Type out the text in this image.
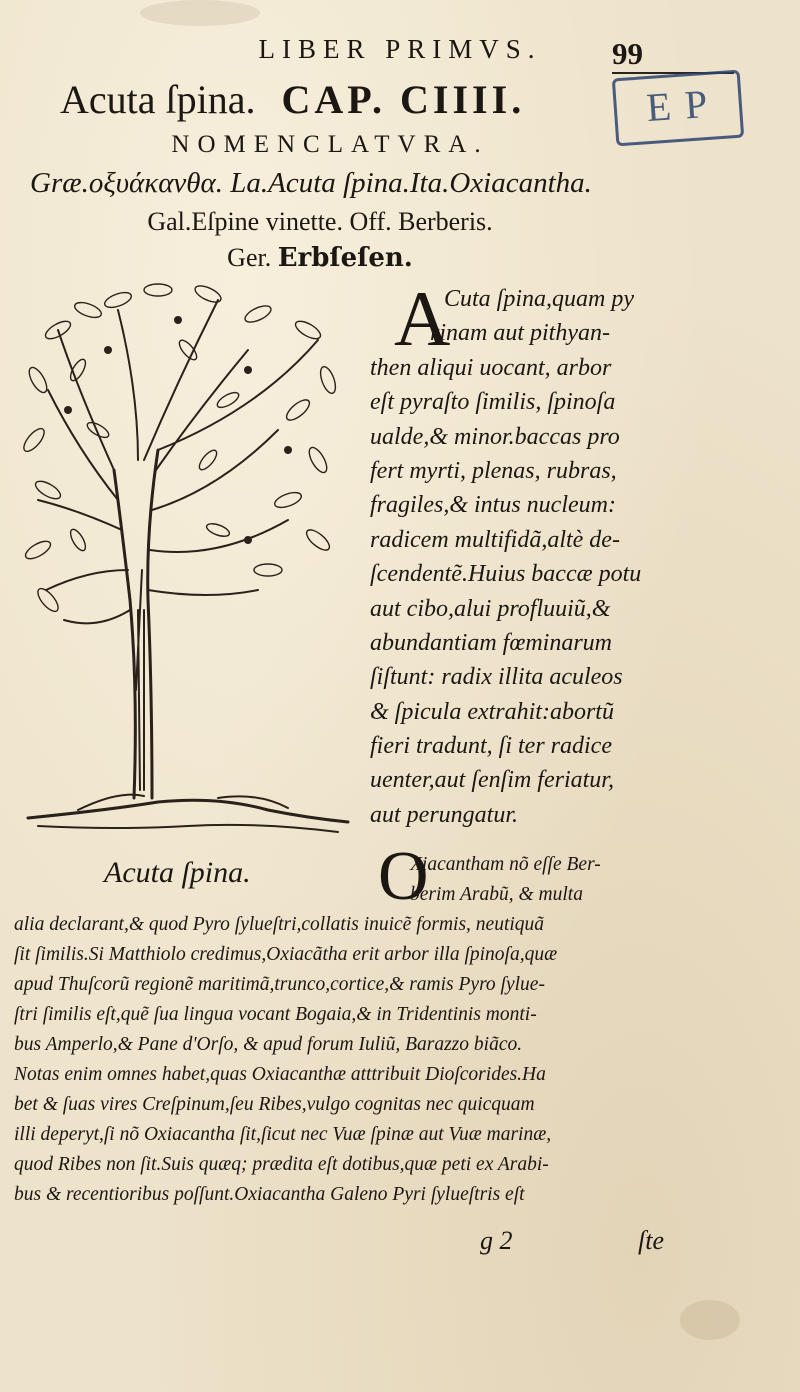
LIBER PRIMVS.	99
E P
Acuta ſpina. CAP. CIIII.
NOMENCLATVRA.
Græ.οξυάκανθα. La.Acuta ſpina.Ita.Oxiacantha.
Gal.Eſpine vinette. Off. Berberis.
Ger. Erbſeſen.
Acuta ſpina.
A
Cuta ſpina,quam py
rinam aut pithyan-
then aliqui uocant, arbor
eſt pyraſto ſimilis, ſpinoſa
ualde,& minor.baccas pro
fert myrti, plenas, rubras,
fragiles,& intus nucleum:
radicem multifidã,altè de-
ſcendentẽ.Huius baccæ potu
aut cibo,alui profluuiũ,&
abundantiam fœminarum
ſiſtunt: radix illita aculeos
& ſpicula extrahit:abortũ
fieri tradunt, ſi ter radice
uenter,aut ſenſim feriatur,
aut perungatur.
O
Xiacantham nõ eſſe Ber-
berim Arabũ, & multa
alia declarant,& quod Pyro ſylueſtri,collatis inuicẽ formis, neutiquã
ſit ſimilis.Si Matthiolo credimus,Oxiacãtha erit arbor illa ſpinoſa,quæ
apud Thuſcorũ regionẽ maritimã,trunco,cortice,& ramis Pyro ſylue-
ſtri ſimilis eſt,quẽ ſua lingua vocant Bogaia,& in Tridentinis monti-
bus Amperlo,& Pane d'Orſo, & apud forum Iuliũ, Barazzo biãco.
Notas enim omnes habet,quas Oxiacanthæ atttribuit Dioſcorides.Ha
bet & ſuas vires Creſpinum,ſeu Ribes,vulgo cognitas nec quicquam
illi deperyt,ſi nõ Oxiacantha ſit,ſicut nec Vuæ ſpinæ aut Vuæ marinæ,
quod Ribes non ſit.Suis quæq; prædita eſt dotibus,quæ peti ex Arabi-
bus & recentioribus poſſunt.Oxiacantha Galeno Pyri ſylueſtris eſt
g 2	ſte
